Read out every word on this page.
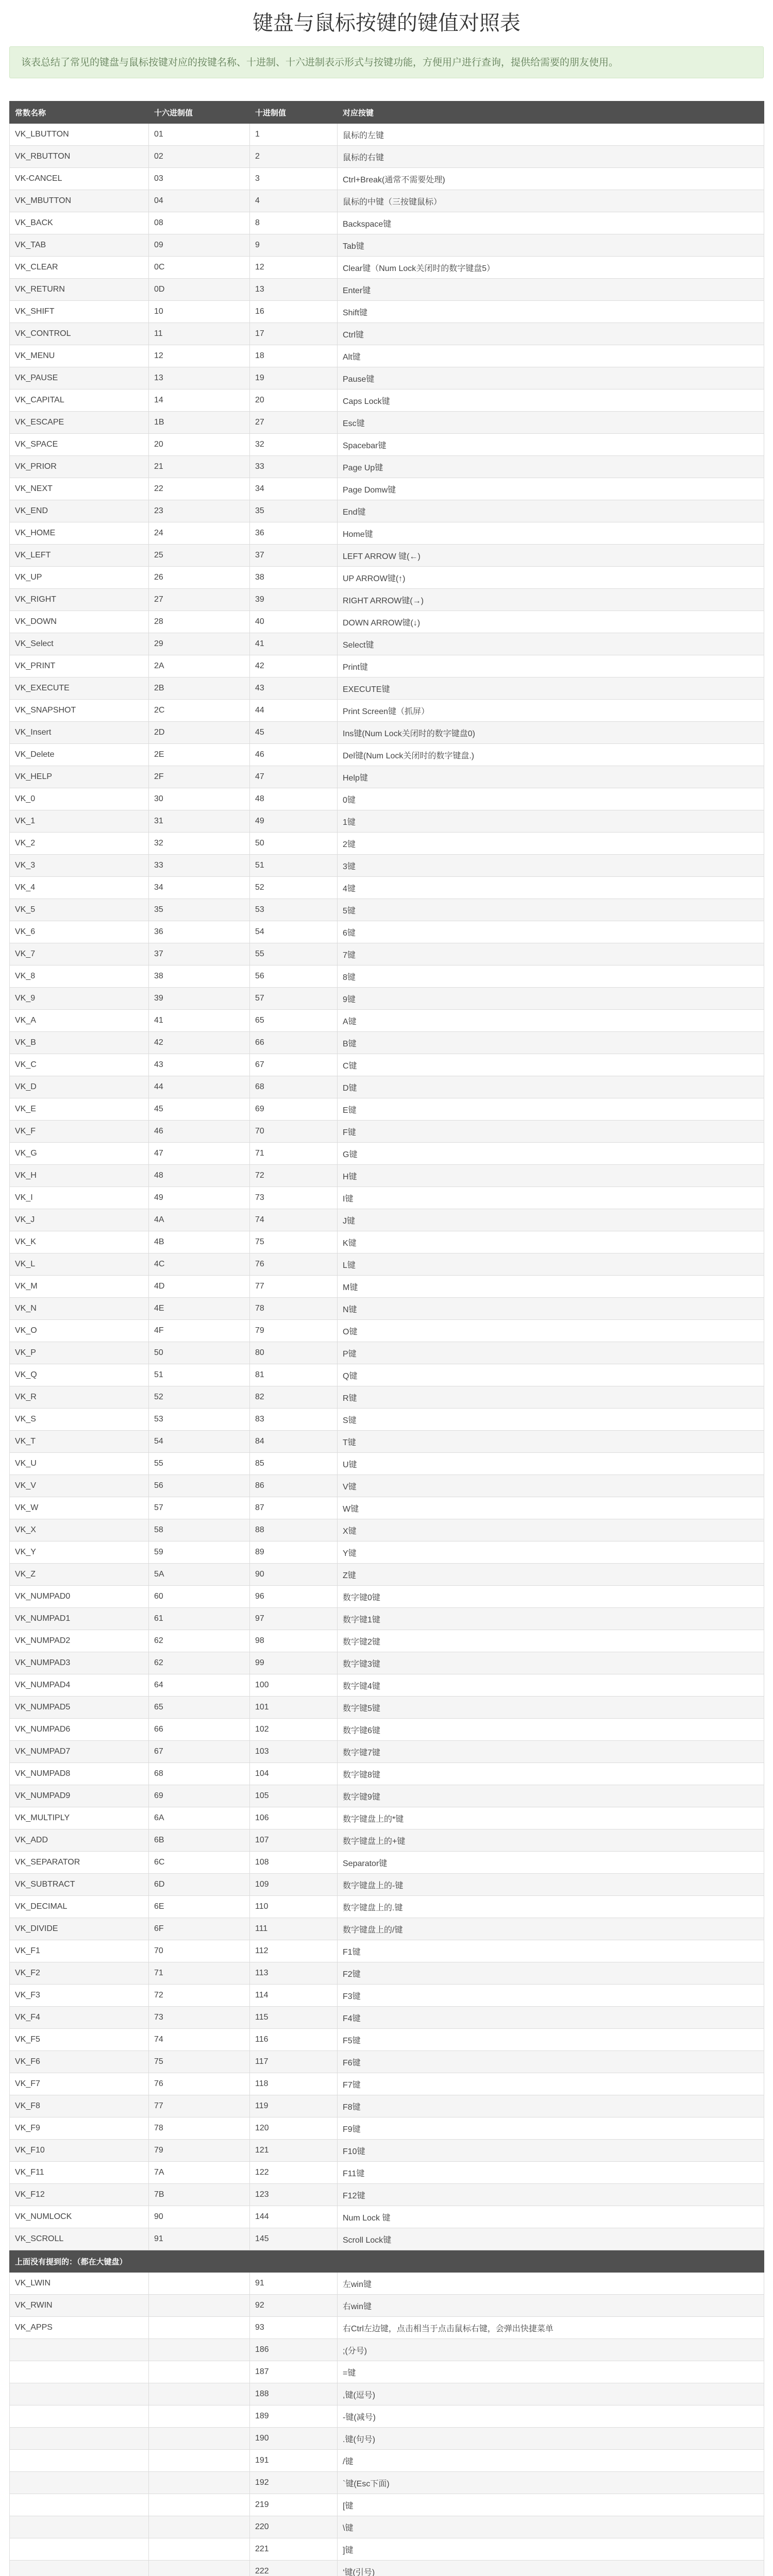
键盘与鼠标按键的键值对照表
该表总结了常见的键盘与鼠标按键对应的按键名称、十进制、十六进制表示形式与按键功能，方便用户进行查询，提供给需要的朋友使用。
常数名称	十六进制值	十进制值	对应按键
VK_LBUTTON	01	1	鼠标的左键
VK_RBUTTON	02	2	鼠标的右键
VK-CANCEL	03	3	Ctrl+Break(通常不需要处理)
VK_MBUTTON	04	4	鼠标的中键（三按键鼠标）
VK_BACK	08	8	Backspace键
VK_TAB	09	9	Tab键
VK_CLEAR	0C	12	Clear键（Num Lock关闭时的数字键盘5）
VK_RETURN	0D	13	Enter键
VK_SHIFT	10	16	Shift键
VK_CONTROL	11	17	Ctrl键
VK_MENU	12	18	Alt键
VK_PAUSE	13	19	Pause键
VK_CAPITAL	14	20	Caps Lock键
VK_ESCAPE	1B	27	Esc键
VK_SPACE	20	32	Spacebar键
VK_PRIOR	21	33	Page Up键
VK_NEXT	22	34	Page Domw键
VK_END	23	35	End键
VK_HOME	24	36	Home键
VK_LEFT	25	37	LEFT ARROW 键(←)
VK_UP	26	38	UP ARROW键(↑)
VK_RIGHT	27	39	RIGHT ARROW键(→)
VK_DOWN	28	40	DOWN ARROW键(↓)
VK_Select	29	41	Select键
VK_PRINT	2A	42	Print键
VK_EXECUTE	2B	43	EXECUTE键
VK_SNAPSHOT	2C	44	Print Screen键（抓屏）
VK_Insert	2D	45	Ins键(Num Lock关闭时的数字键盘0)
VK_Delete	2E	46	Del键(Num Lock关闭时的数字键盘.)
VK_HELP	2F	47	Help键
VK_0	30	48	0键
VK_1	31	49	1键
VK_2	32	50	2键
VK_3	33	51	3键
VK_4	34	52	4键
VK_5	35	53	5键
VK_6	36	54	6键
VK_7	37	55	7键
VK_8	38	56	8键
VK_9	39	57	9键
VK_A	41	65	A键
VK_B	42	66	B键
VK_C	43	67	C键
VK_D	44	68	D键
VK_E	45	69	E键
VK_F	46	70	F键
VK_G	47	71	G键
VK_H	48	72	H键
VK_I	49	73	I键
VK_J	4A	74	J键
VK_K	4B	75	K键
VK_L	4C	76	L键
VK_M	4D	77	M键
VK_N	4E	78	N键
VK_O	4F	79	O键
VK_P	50	80	P键
VK_Q	51	81	Q键
VK_R	52	82	R键
VK_S	53	83	S键
VK_T	54	84	T键
VK_U	55	85	U键
VK_V	56	86	V键
VK_W	57	87	W键
VK_X	58	88	X键
VK_Y	59	89	Y键
VK_Z	5A	90	Z键
VK_NUMPAD0	60	96	数字键0键
VK_NUMPAD1	61	97	数字键1键
VK_NUMPAD2	62	98	数字键2键
VK_NUMPAD3	62	99	数字键3键
VK_NUMPAD4	64	100	数字键4键
VK_NUMPAD5	65	101	数字键5键
VK_NUMPAD6	66	102	数字键6键
VK_NUMPAD7	67	103	数字键7键
VK_NUMPAD8	68	104	数字键8键
VK_NUMPAD9	69	105	数字键9键
VK_MULTIPLY	6A	106	数字键盘上的*键
VK_ADD	6B	107	数字键盘上的+键
VK_SEPARATOR	6C	108	Separator键
VK_SUBTRACT	6D	109	数字键盘上的-键
VK_DECIMAL	6E	110	数字键盘上的.键
VK_DIVIDE	6F	111	数字键盘上的/键
VK_F1	70	112	F1键
VK_F2	71	113	F2键
VK_F3	72	114	F3键
VK_F4	73	115	F4键
VK_F5	74	116	F5键
VK_F6	75	117	F6键
VK_F7	76	118	F7键
VK_F8	77	119	F8键
VK_F9	78	120	F9键
VK_F10	79	121	F10键
VK_F11	7A	122	F11键
VK_F12	7B	123	F12键
VK_NUMLOCK	90	144	Num Lock 键
VK_SCROLL	91	145	Scroll Lock键
上面没有提到的：（都在大键盘）			
VK_LWIN		91	左win键
VK_RWIN		92	右win键
VK_APPS		93	右Ctrl左边键，点击相当于点击鼠标右键，会弹出快捷菜单
		186	;(分号)
		187	=键
		188	,键(逗号)
		189	-键(减号)
		190	.键(句号)
		191	/键
		192	`键(Esc下面)
		219	[键
		220	\键
		221	]键
		222	‘键(引号)
